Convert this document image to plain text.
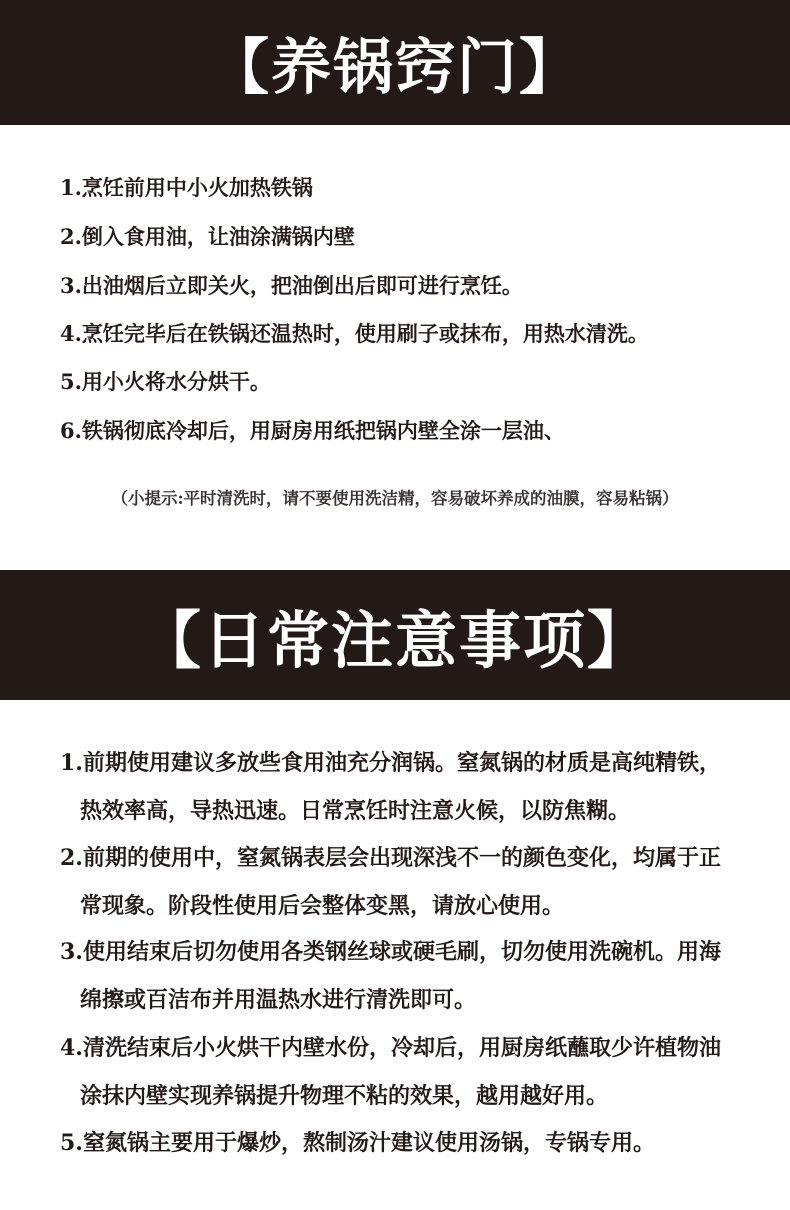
【养锅窍门】
1.烹饪前用中小火加热铁锅
2.倒入食用油，让油涂满锅内壁
3.出油烟后立即关火，把油倒出后即可进行烹饪。
4.烹饪完毕后在铁锅还温热时，使用刷子或抹布，用热水清洗。
5.用小火将水分烘干。
6.铁锅彻底冷却后，用厨房用纸把锅内壁全涂一层油、
（小提示:平时清洗时，请不要使用洗洁精，容易破坏养成的油膜，容易粘锅）
【日常注意事项】
1.前期使用建议多放些食用油充分润锅。窒氮锅的材质是高纯精铁，
热效率高，导热迅速。日常烹饪时注意火候，以防焦糊。
2.前期的使用中，窒氮锅表层会出现深浅不一的颜色变化，均属于正
常现象。阶段性使用后会整体变黑，请放心使用。
3.使用结束后切勿使用各类钢丝球或硬毛刷，切勿使用洗碗机。用海
绵擦或百洁布并用温热水进行清洗即可。
4.清洗结束后小火烘干内壁水份，冷却后，用厨房纸蘸取少许植物油
涂抹内壁实现养锅提升物理不粘的效果，越用越好用。
5.窒氮锅主要用于爆炒，熬制汤汁建议使用汤锅，专锅专用。
